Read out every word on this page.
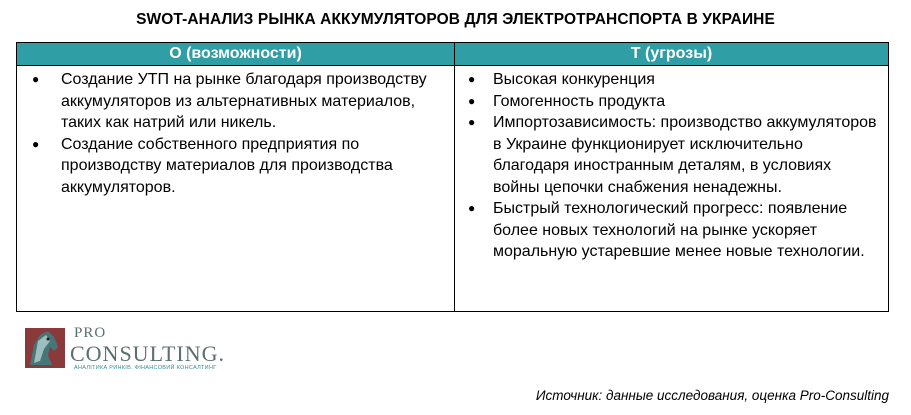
SWOT-АНАЛИЗ РЫНКА АККУМУЛЯТОРОВ ДЛЯ ЭЛЕКТРОТРАНСПОРТА В УКРАИНЕ
O (возможности)	T (угрозы)
● Создание УТП на рынке благодаря производству аккумуляторов из альтернативных материалов, таких как натрий или никель.
● Создание собственного предприятия по производству материалов для производства аккумуляторов.
● Высокая конкуренция
● Гомогенность продукта
● Импортозависимость: производство аккумуляторов в Украине функционирует исключительно благодаря иностранным деталям, в условиях войны цепочки снабжения ненадежны.
● Быстрый технологический прогресс: появление более новых технологий на рынке ускоряет моральную устаревшие менее новые технологии.
PRO
CONSULTING.
АНАЛІТИКА РИНКІВ. ФІНАНСОВИЙ КОНСАЛТИНГ
Источник: данные исследования, оценка Pro-Consulting
